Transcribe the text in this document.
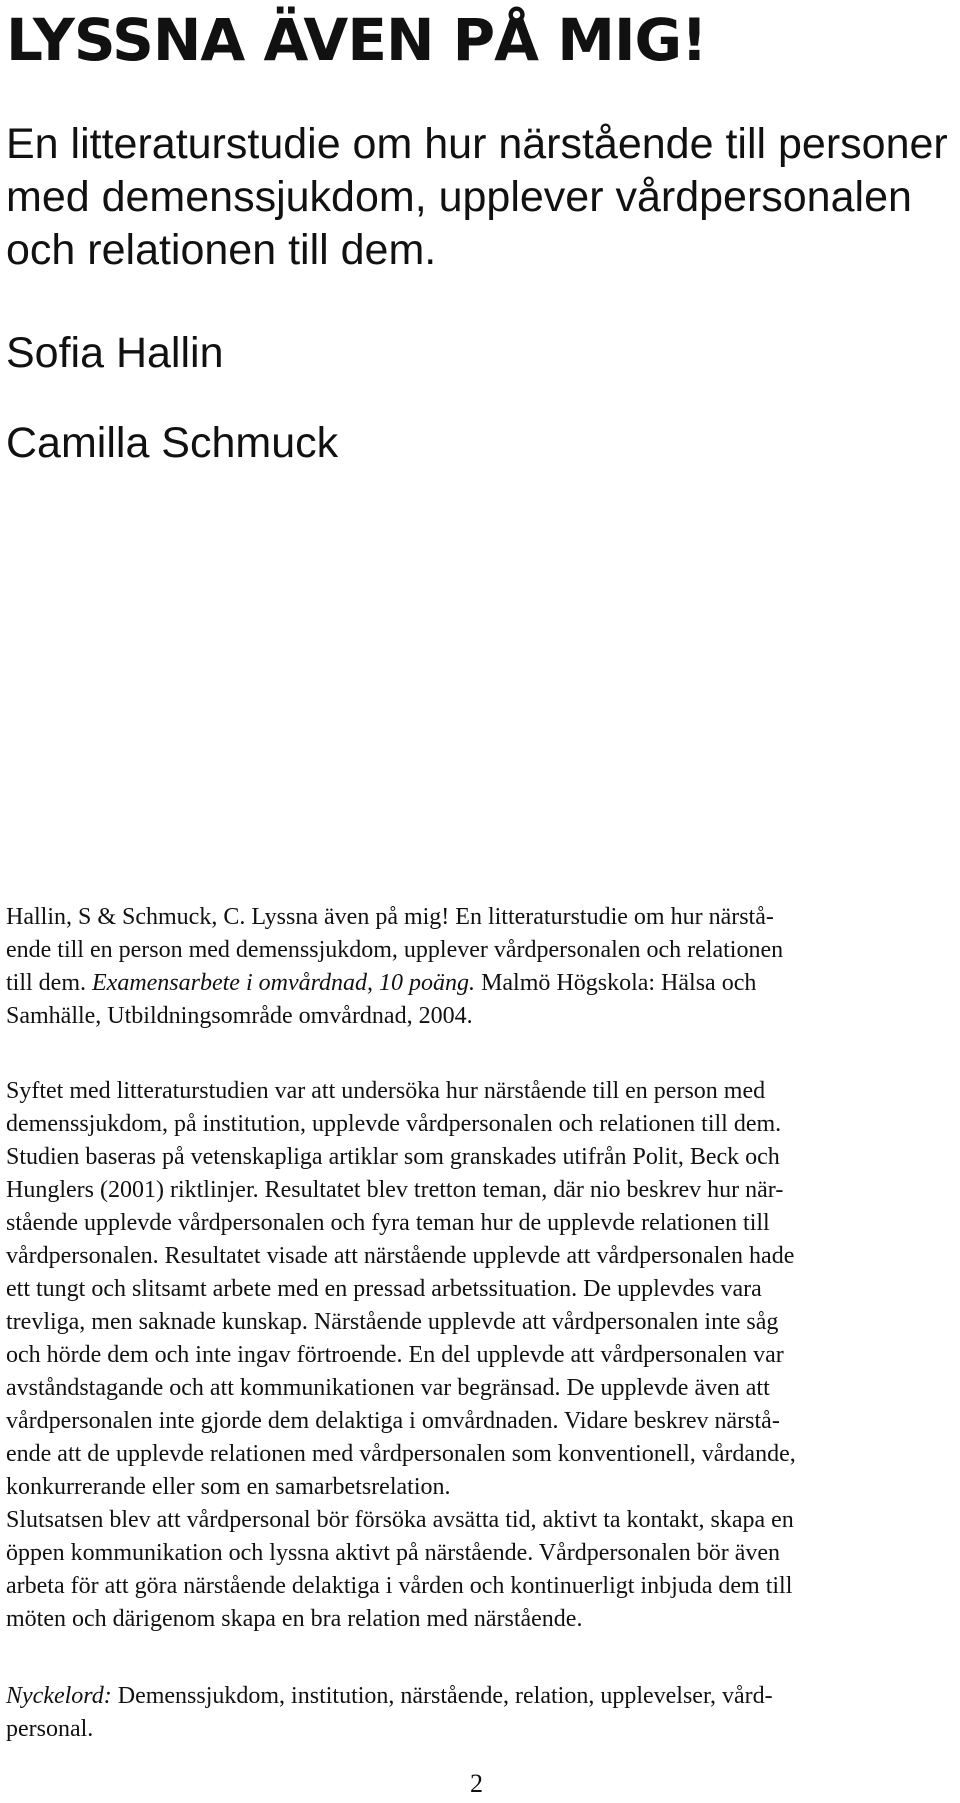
LYSSNA ÄVEN PÅ MIG!
En litteraturstudie om hur närstående till personer
med demenssjukdom, upplever vårdpersonalen
och relationen till dem.
Sofia Hallin
Camilla Schmuck
Hallin, S & Schmuck, C. Lyssna även på mig! En litteraturstudie om hur närstå-
ende till en person med demenssjukdom, upplever vårdpersonalen och relationen
till dem. Examensarbete i omvårdnad, 10 poäng. Malmö Högskola: Hälsa och
Samhälle, Utbildningsområde omvårdnad, 2004.

Syftet med litteraturstudien var att undersöka hur närstående till en person med
demenssjukdom, på institution, upplevde vårdpersonalen och relationen till dem.
Studien baseras på vetenskapliga artiklar som granskades utifrån Polit, Beck och
Hunglers (2001) riktlinjer. Resultatet blev tretton teman, där nio beskrev hur när-
stående upplevde vårdpersonalen och fyra teman hur de upplevde relationen till
vårdpersonalen. Resultatet visade att närstående upplevde att vårdpersonalen hade
ett tungt och slitsamt arbete med en pressad arbetssituation. De upplevdes vara
trevliga, men saknade kunskap. Närstående upplevde att vårdpersonalen inte såg
och hörde dem och inte ingav förtroende. En del upplevde att vårdpersonalen var
avståndstagande och att kommunikationen var begränsad. De upplevde även att
vårdpersonalen inte gjorde dem delaktiga i omvårdnaden. Vidare beskrev närstå-
ende att de upplevde relationen med vårdpersonalen som konventionell, vårdande,
konkurrerande eller som en samarbetsrelation.

Slutsatsen blev att vårdpersonal bör försöka avsätta tid, aktivt ta kontakt, skapa en
öppen kommunikation och lyssna aktivt på närstående. Vårdpersonalen bör även
arbeta för att göra närstående delaktiga i vården och kontinuerligt inbjuda dem till
möten och därigenom skapa en bra relation med närstående.

Nyckelord: Demenssjukdom, institution, närstående, relation, upplevelser, vård-
personal.
2
